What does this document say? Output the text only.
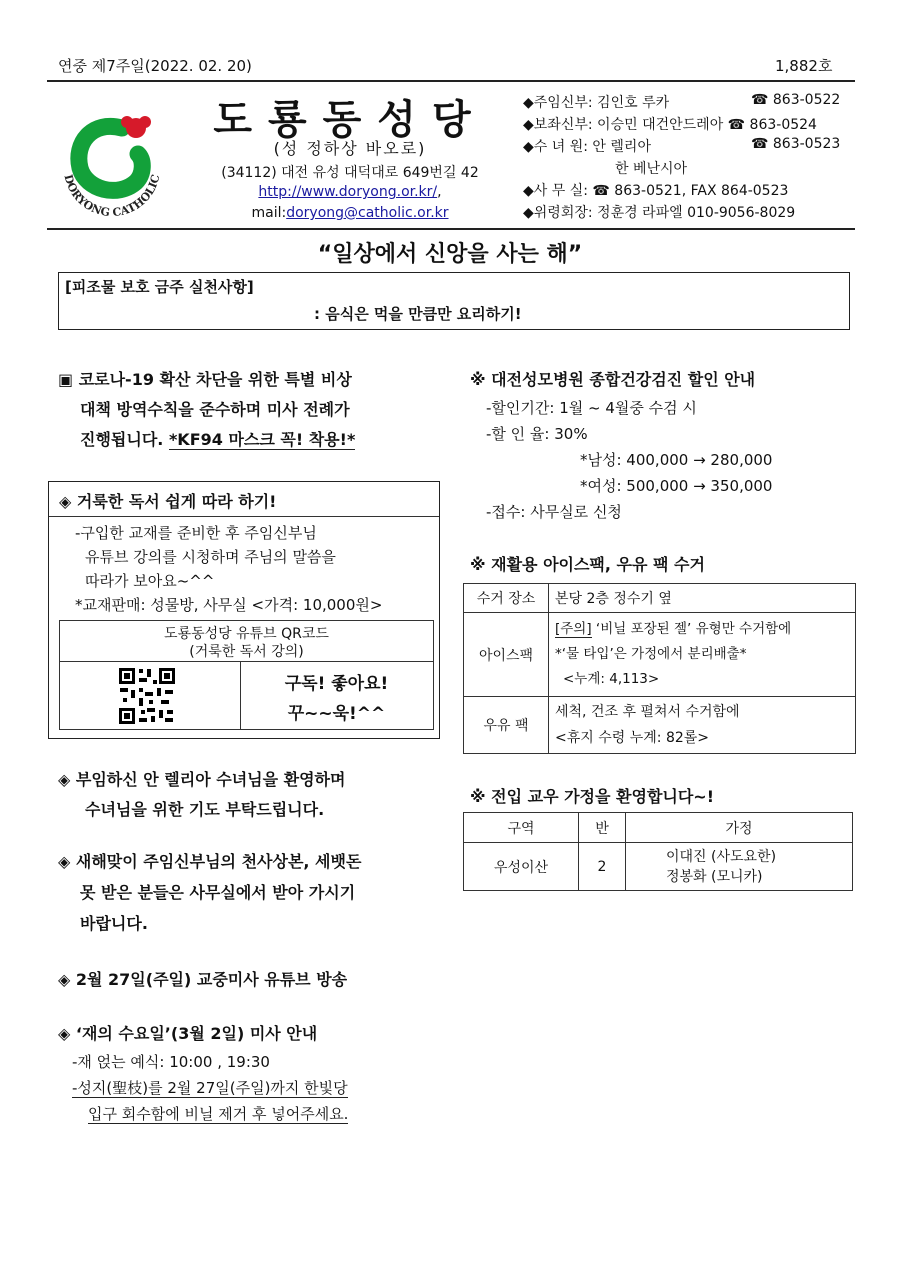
연중 제7주일(2022. 02. 20)	1,882호
DORYONG CATHOLIC
도룡동성당
(성 정하상 바오로)
(34112) 대전 유성 대덕대로 649번길 42
http://www.doryong.or.kr/,
mail:doryong@catholic.or.kr
◆주임신부: 김인호 루카	☎ 863-0522
◆보좌신부: 이승민 대건안드레아 ☎ 863-0524
◆수 녀 원: 안 렐리아	☎ 863-0523
한 베난시아
◆사 무 실: ☎ 863-0521, FAX 864-0523
◆위령회장: 정훈경 라파엘 010-9056-8029
“일상에서 신앙을 사는 해”
[피조물 보호 금주 실천사항]
: 음식은 먹을 만큼만 요리하기!
▣ 코로나-19 확산 차단을 위한 특별 비상
대책 방역수칙을 준수하며 미사 전례가
진행됩니다. *KF94 마스크 꼭! 착용!*
◈ 거룩한 독서 쉽게 따라 하기!
-구입한 교재를 준비한 후 주임신부님
유튜브 강의를 시청하며 주님의 말씀을
따라가 보아요~^^
*교재판매: 성물방, 사무실 <가격: 10,000원>
도룡동성당 유튜브 QR코드
(거룩한 독서 강의)
구독! 좋아요!
꾸~~욱!^^
◈ 부임하신 안 렐리아 수녀님을 환영하며
수녀님을 위한 기도 부탁드립니다.
◈ 새해맞이 주임신부님의 천사상본, 세뱃돈
못 받은 분들은 사무실에서 받아 가시기
바랍니다.
◈ 2월 27일(주일) 교중미사 유튜브 방송
◈ ‘재의 수요일’(3월 2일) 미사 안내
-재 얹는 예식: 10:00 , 19:30
-성지(聖枝)를 2월 27일(주일)까지 한빛당
입구 회수함에 비닐 제거 후 넣어주세요.
※ 대전성모병원 종합건강검진 할인 안내
-할인기간: 1월 ~ 4월중 수검 시
-할 인 율: 30%
*남성: 400,000 → 280,000
*여성: 500,000 → 350,000
-접수: 사무실로 신청
※ 재활용 아이스팩, 우유 팩 수거
수거 장소	본당 2층 정수기 옆
아이스팩	[주의] ‘비닐 포장된 젤’ 유형만 수거함에
*‘물 타입’은 가정에서 분리배출*
<누계: 4,113>

우유 팩	세척, 건조 후 펼쳐서 수거함에
<휴지 수령 누계: 82롤>
※ 전입 교우 가정을 환영합니다~!
구역	반	가정
우성이산	2	이대진 (사도요한)
정봉화 (모니카)
